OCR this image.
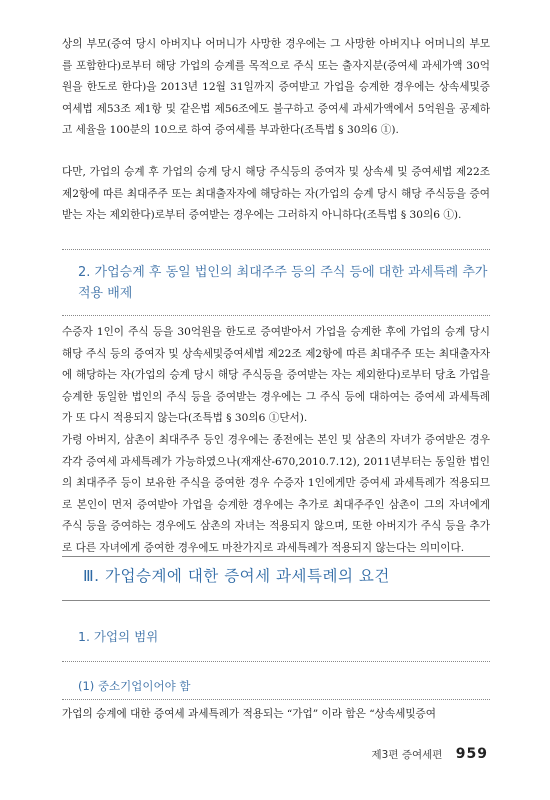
상의 부모(증여 당시 아버지나 어머니가 사망한 경우에는 그 사망한 아버지나 어머니의 부모를 포함한다)로부터 해당 가업의 승계를 목적으로 주식 또는 출자지분(증여세 과세가액 30억원을 한도로 한다)을 2013년 12월 31일까지 증여받고 가업을 승계한 경우에는 상속세및증여세법 제53조 제1항 및 같은법 제56조에도 불구하고 증여세 과세가액에서 5억원을 공제하고 세율을 100분의 10으로 하여 증여세를 부과한다(조특법 § 30의6 ①).

다만, 가업의 승계 후 가업의 승계 당시 해당 주식등의 증여자 및 상속세 및 증여세법 제22조 제2항에 따른 최대주주 또는 최대출자자에 해당하는 자(가업의 승계 당시 해당 주식등을 증여받는 자는 제외한다)로부터 증여받는 경우에는 그러하지 아니하다(조특법 § 30의6 ①).

2. 가업승계 후 동일 법인의 최대주주 등의 주식 등에 대한 과세특례 추가 적용 배제

수증자 1인이 주식 등을 30억원을 한도로 증여받아서 가업을 승계한 후에 가업의 승계 당시 해당 주식 등의 증여자 및 상속세및증여세법 제22조 제2항에 따른 최대주주 또는 최대출자자에 해당하는 자(가업의 승계 당시 해당 주식등을 증여받는 자는 제외한다)로부터 당초 가업을 승계한 동일한 법인의 주식 등을 증여받는 경우에는 그 주식 등에 대하여는 증여세 과세특례가 또 다시 적용되지 않는다(조특법 § 30의6 ①단서).

가령 아버지, 삼촌이 최대주주 등인 경우에는 종전에는 본인 및 삼촌의 자녀가 증여받은 경우 각각 증여세 과세특례가 가능하였으나(재재산-670,2010.7.12), 2011년부터는 동일한 법인의 최대주주 등이 보유한 주식을 증여한 경우 수증자 1인에게만 증여세 과세특례가 적용되므로 본인이 먼저 증여받아 가업을 승계한 경우에는 추가로 최대주주인 삼촌이 그의 자녀에게 주식 등을 증여하는 경우에도 삼촌의 자녀는 적용되지 않으며, 또한 아버지가 주식 등을 추가로 다른 자녀에게 증여한 경우에도 마찬가지로 과세특례가 적용되지 않는다는 의미이다.

Ⅲ. 가업승계에 대한 증여세 과세특례의 요건
1. 가업의 범위
(1) 중소기업이어야 함

가업의 승계에 대한 증여세 과세특례가 적용되는 “가업” 이라 함은 “상속세및증여

제3편 증여세편 959
